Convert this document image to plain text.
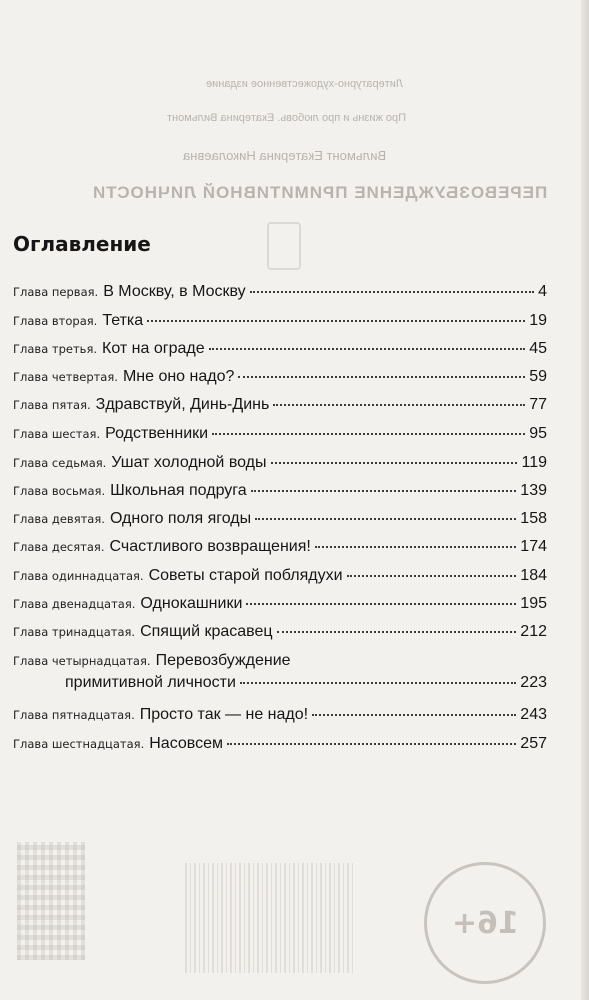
Литературно-художественное издание
Про жизнь и про любовь. Екатерина Вильмонт
Вильмонт Екатерина Николаевна
ПЕРЕВОЗБУЖДЕНИЕ ПРИМИТИВНОЙ ЛИЧНОСТИ
16+
Оглавление
Глава первая. В Москву, в Москву	4
Глава вторая. Тетка	19
Глава третья. Кот на ограде	45
Глава четвертая. Мне оно надо?	59
Глава пятая. Здравствуй, Динь-Динь	77
Глава шестая. Родственники	95
Глава седьмая. Ушат холодной воды	119
Глава восьмая. Школьная подруга	139
Глава девятая. Одного поля ягоды	158
Глава десятая. Счастливого возвращения!	174
Глава одиннадцатая. Советы старой поблядухи	184
Глава двенадцатая. Однокашники	195
Глава тринадцатая. Спящий красавец	212
Глава четырнадцатая. Перевозбуждение
примитивной личности	223
Глава пятнадцатая. Просто так — не надо!	243
Глава шестнадцатая. Насовсем	257
